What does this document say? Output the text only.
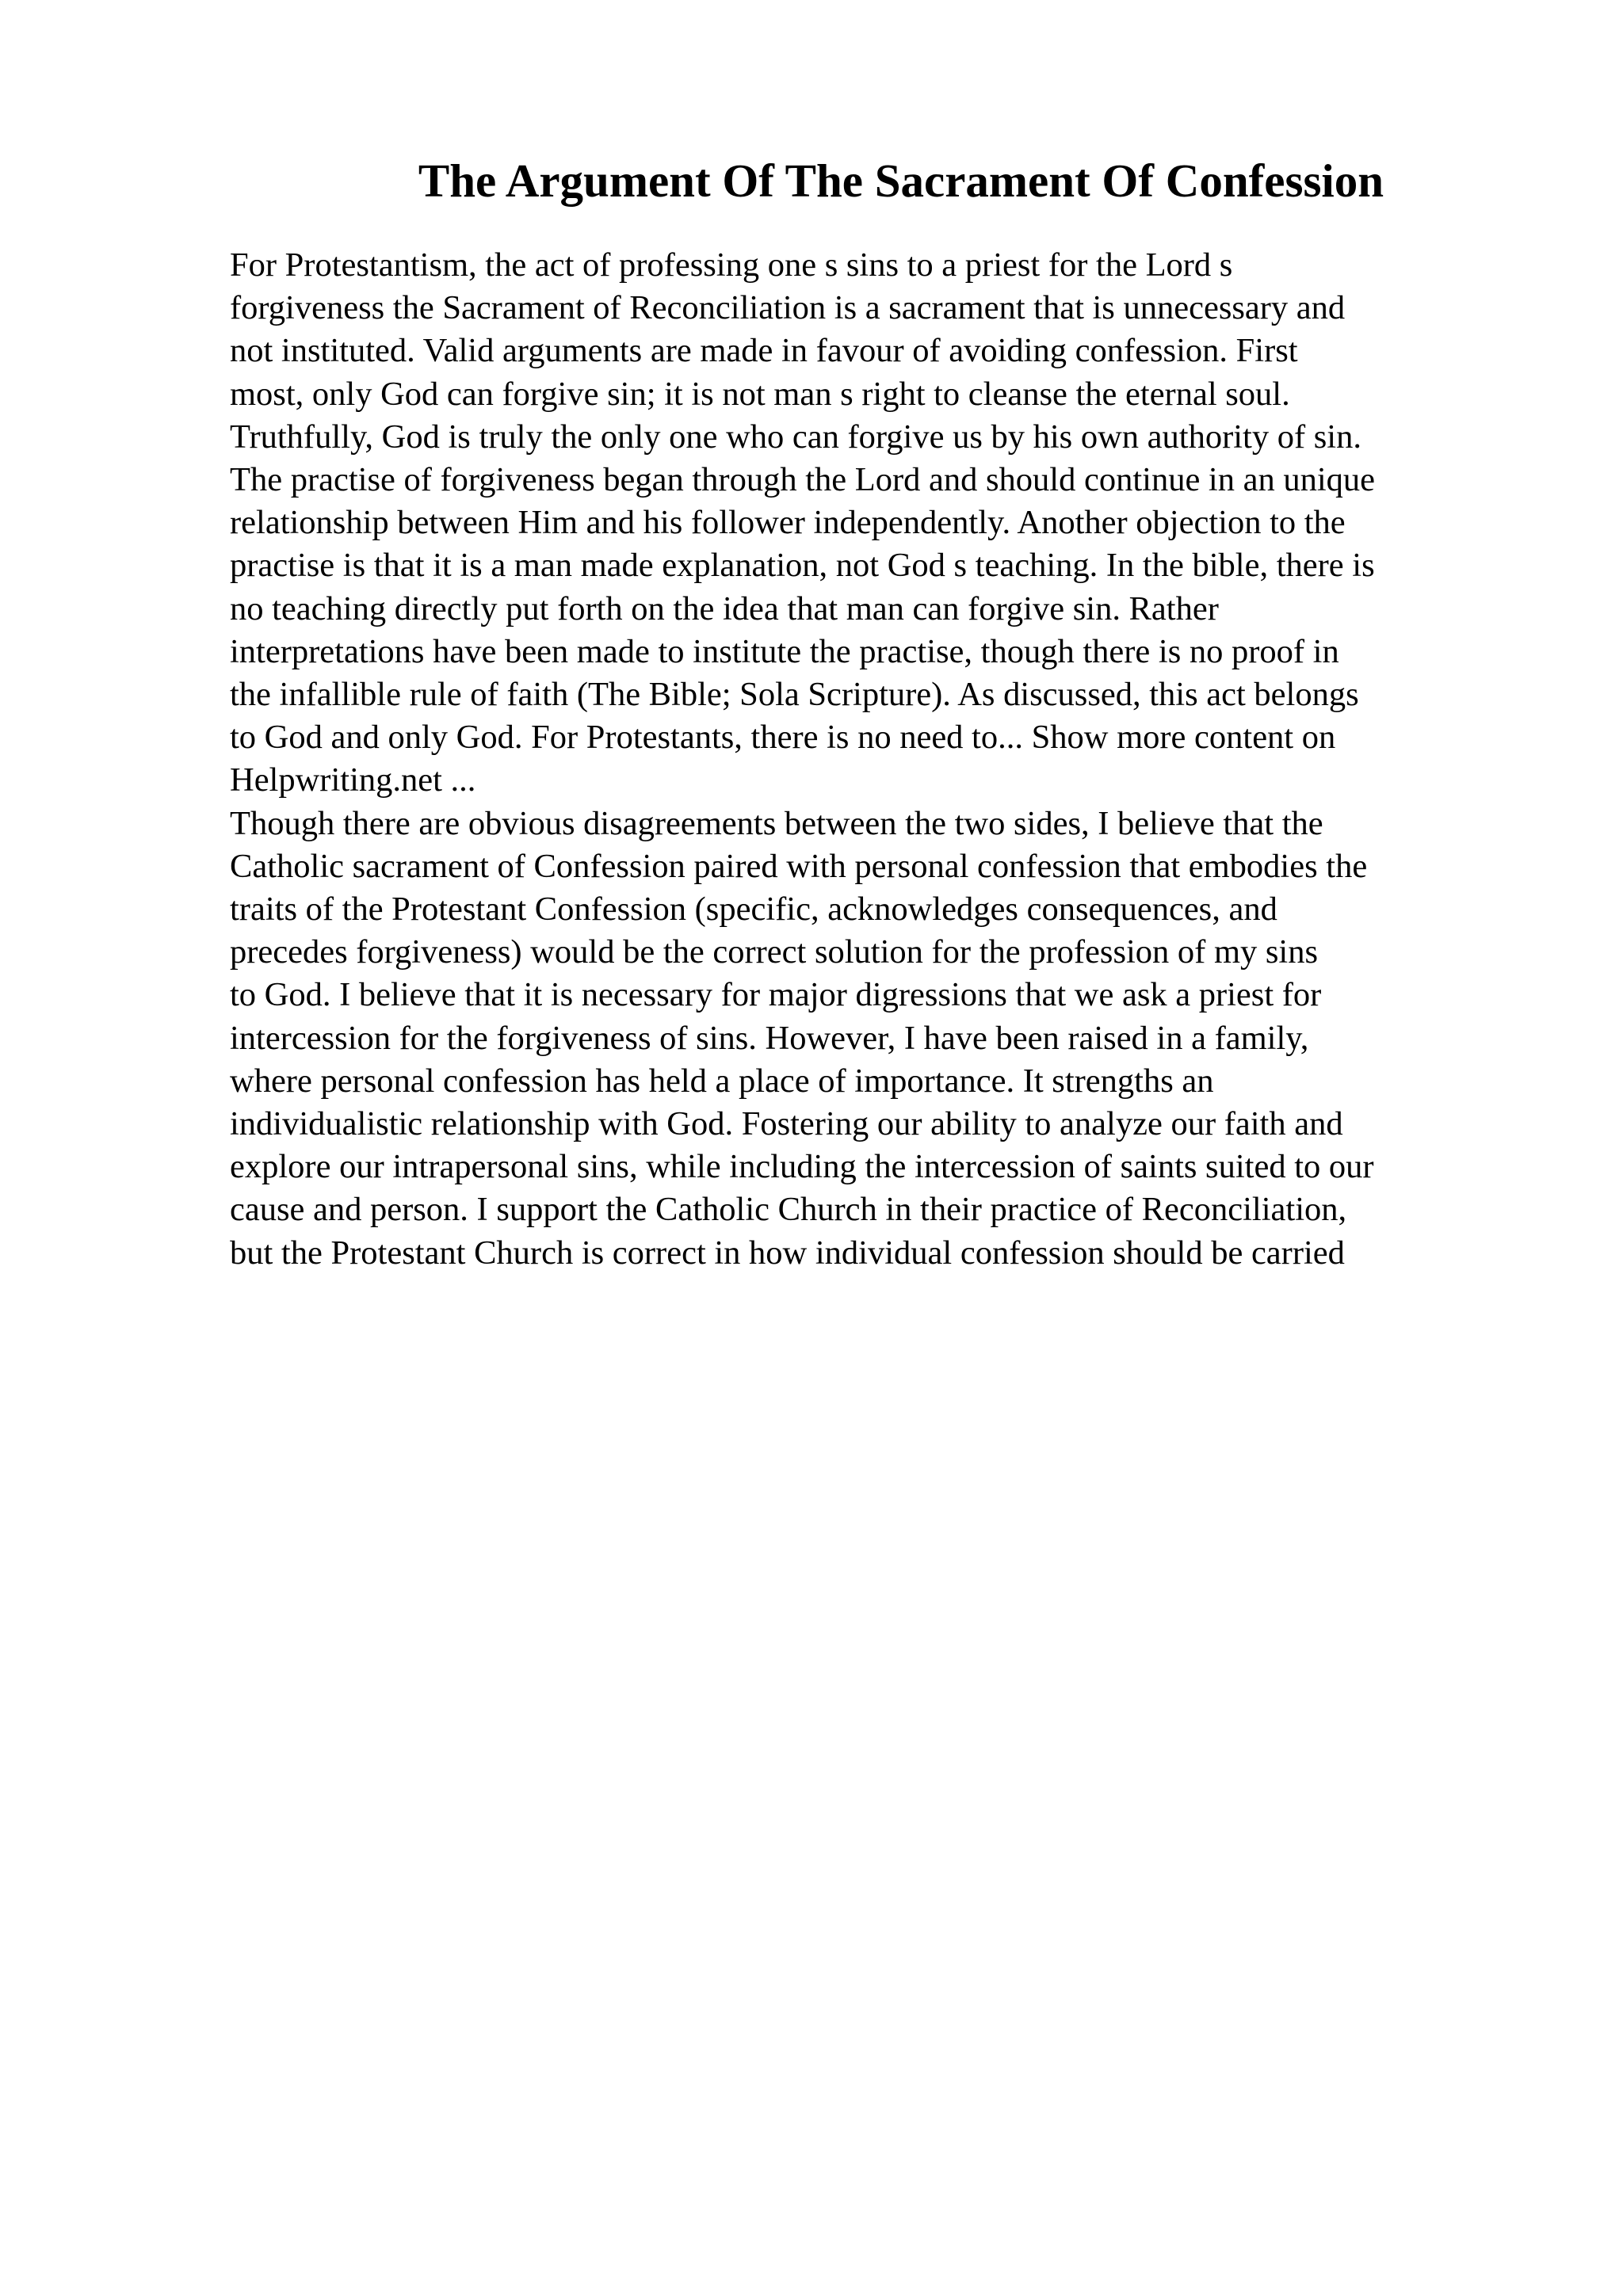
The Argument Of The Sacrament Of Confession
For Protestantism, the act of professing one s sins to a priest for the Lord s
forgiveness the Sacrament of Reconciliation is a sacrament that is unnecessary and
not instituted. Valid arguments are made in favour of avoiding confession. First
most, only God can forgive sin; it is not man s right to cleanse the eternal soul.
Truthfully, God is truly the only one who can forgive us by his own authority of sin.
The practise of forgiveness began through the Lord and should continue in an unique
relationship between Him and his follower independently. Another objection to the
practise is that it is a man made explanation, not God s teaching. In the bible, there is
no teaching directly put forth on the idea that man can forgive sin. Rather
interpretations have been made to institute the practise, though there is no proof in
the infallible rule of faith (The Bible; Sola Scripture). As discussed, this act belongs
to God and only God. For Protestants, there is no need to... Show more content on
Helpwriting.net ...
Though there are obvious disagreements between the two sides, I believe that the
Catholic sacrament of Confession paired with personal confession that embodies the
traits of the Protestant Confession (specific, acknowledges consequences, and
precedes forgiveness) would be the correct solution for the profession of my sins
to God. I believe that it is necessary for major digressions that we ask a priest for
intercession for the forgiveness of sins. However, I have been raised in a family,
where personal confession has held a place of importance. It strengths an
individualistic relationship with God. Fostering our ability to analyze our faith and
explore our intrapersonal sins, while including the intercession of saints suited to our
cause and person. I support the Catholic Church in their practice of Reconciliation,
but the Protestant Church is correct in how individual confession should be carried
